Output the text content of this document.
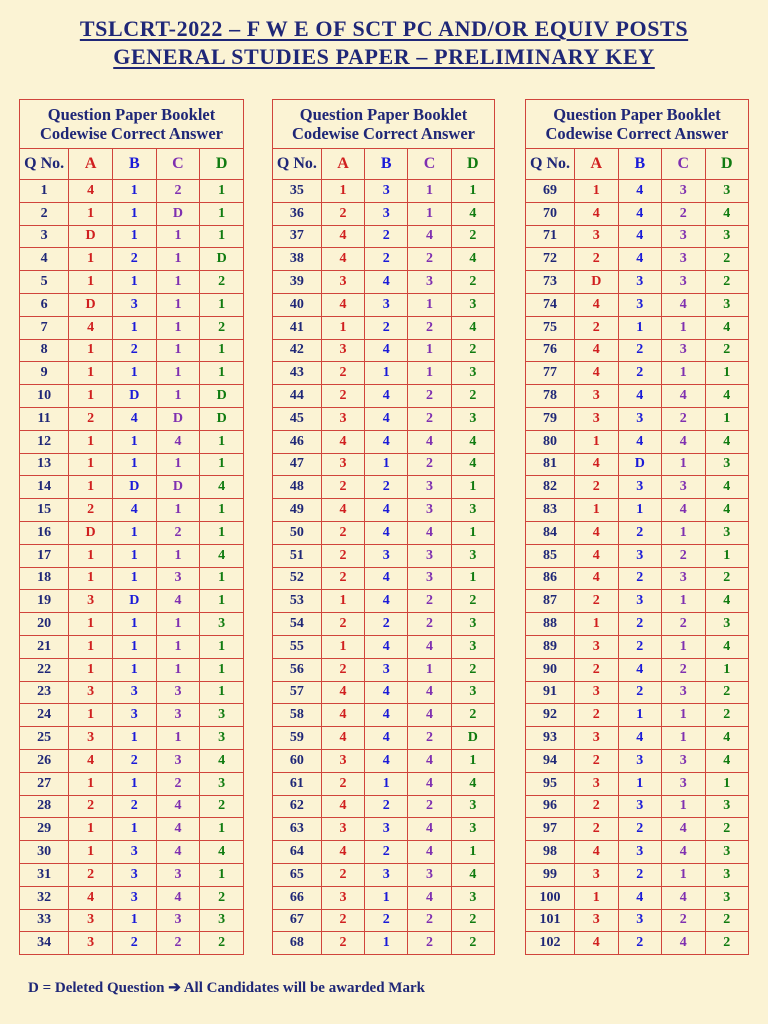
TSLCRT-2022 – F W E OF SCT PC AND/OR EQUIV POSTS
GENERAL STUDIES PAPER – PRELIMINARY KEY
Question Paper Booklet
Codewise Correct Answer				

Q No.	A	B	C	D
1	4	1	2	1
2	1	1	D	1
3	D	1	1	1
4	1	2	1	D
5	1	1	1	2
6	D	3	1	1
7	4	1	1	2
8	1	2	1	1
9	1	1	1	1
10	1	D	1	D
11	2	4	D	D
12	1	1	4	1
13	1	1	1	1
14	1	D	D	4
15	2	4	1	1
16	D	1	2	1
17	1	1	1	4
18	1	1	3	1
19	3	D	4	1
20	1	1	1	3
21	1	1	1	1
22	1	1	1	1
23	3	3	3	1
24	1	3	3	3
25	3	1	1	3
26	4	2	3	4
27	1	1	2	3
28	2	2	4	2
29	1	1	4	1
30	1	3	4	4
31	2	3	3	1
32	4	3	4	2
33	3	1	3	3
34	3	2	2	2
Question Paper Booklet
Codewise Correct Answer				

Q No.	A	B	C	D
35	1	3	1	1
36	2	3	1	4
37	4	2	4	2
38	4	2	2	4
39	3	4	3	2
40	4	3	1	3
41	1	2	2	4
42	3	4	1	2
43	2	1	1	3
44	2	4	2	2
45	3	4	2	3
46	4	4	4	4
47	3	1	2	4
48	2	2	3	1
49	4	4	3	3
50	2	4	4	1
51	2	3	3	3
52	2	4	3	1
53	1	4	2	2
54	2	2	2	3
55	1	4	4	3
56	2	3	1	2
57	4	4	4	3
58	4	4	4	2
59	4	4	2	D
60	3	4	4	1
61	2	1	4	4
62	4	2	2	3
63	3	3	4	3
64	4	2	4	1
65	2	3	3	4
66	3	1	4	3
67	2	2	2	2
68	2	1	2	2
Question Paper Booklet
Codewise Correct Answer				

Q No.	A	B	C	D
69	1	4	3	3
70	4	4	2	4
71	3	4	3	3
72	2	4	3	2
73	D	3	3	2
74	4	3	4	3
75	2	1	1	4
76	4	2	3	2
77	4	2	1	1
78	3	4	4	4
79	3	3	2	1
80	1	4	4	4
81	4	D	1	3
82	2	3	3	4
83	1	1	4	4
84	4	2	1	3
85	4	3	2	1
86	4	2	3	2
87	2	3	1	4
88	1	2	2	3
89	3	2	1	4
90	2	4	2	1
91	3	2	3	2
92	2	1	1	2
93	3	4	1	4
94	2	3	3	4
95	3	1	3	1
96	2	3	1	3
97	2	2	4	2
98	4	3	4	3
99	3	2	1	3
100	1	4	4	3
101	3	3	2	2
102	4	2	4	2

D = Deleted Question ➔ All Candidates will be awarded Mark
